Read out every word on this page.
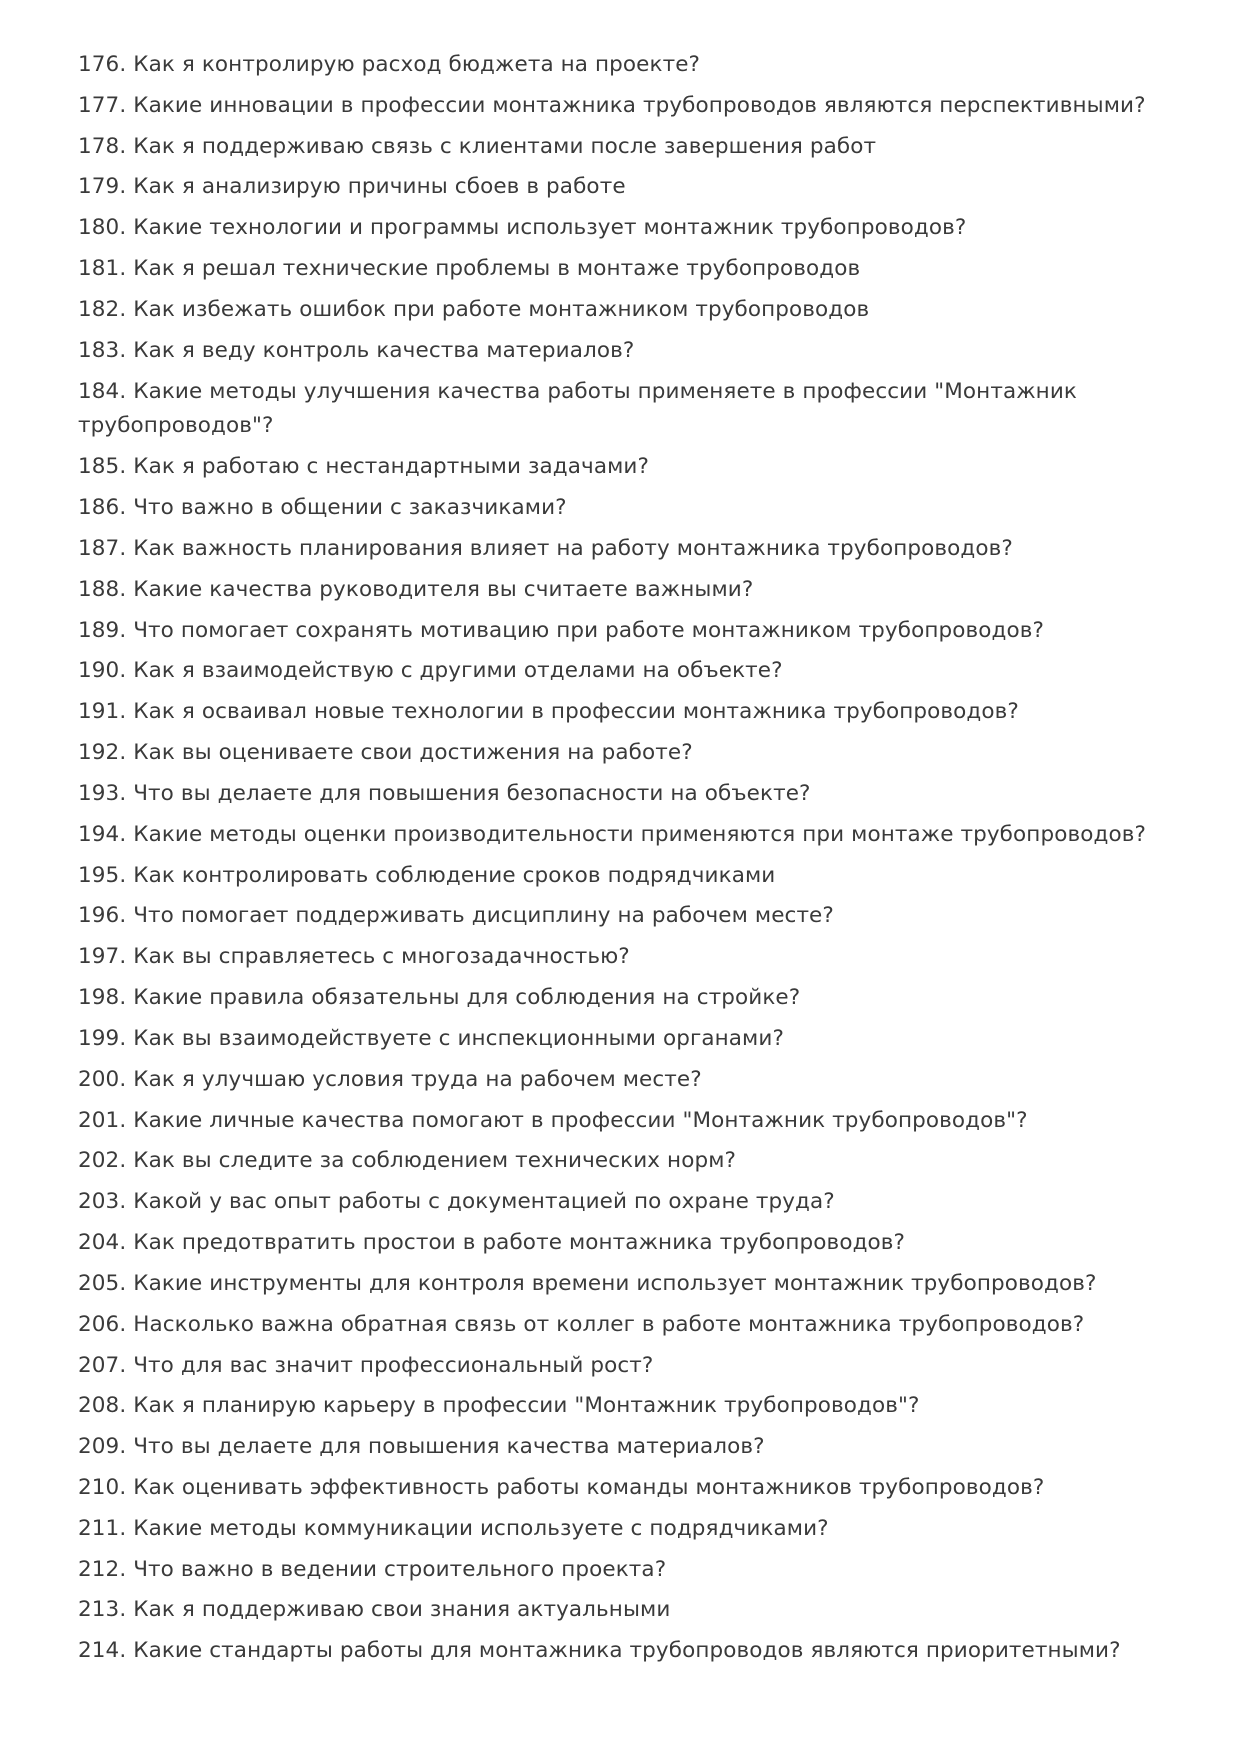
176. Как я контролирую расход бюджета на проекте?
177. Какие инновации в профессии монтажника трубопроводов являются перспективными?
178. Как я поддерживаю связь с клиентами после завершения работ
179. Как я анализирую причины сбоев в работе
180. Какие технологии и программы использует монтажник трубопроводов?
181. Как я решал технические проблемы в монтаже трубопроводов
182. Как избежать ошибок при работе монтажником трубопроводов
183. Как я веду контроль качества материалов?
184. Какие методы улучшения качества работы применяете в профессии "Монтажник трубопроводов"?
185. Как я работаю с нестандартными задачами?
186. Что важно в общении с заказчиками?
187. Как важность планирования влияет на работу монтажника трубопроводов?
188. Какие качества руководителя вы считаете важными?
189. Что помогает сохранять мотивацию при работе монтажником трубопроводов?
190. Как я взаимодействую с другими отделами на объекте?
191. Как я осваивал новые технологии в профессии монтажника трубопроводов?
192. Как вы оцениваете свои достижения на работе?
193. Что вы делаете для повышения безопасности на объекте?
194. Какие методы оценки производительности применяются при монтаже трубопроводов?
195. Как контролировать соблюдение сроков подрядчиками
196. Что помогает поддерживать дисциплину на рабочем месте?
197. Как вы справляетесь с многозадачностью?
198. Какие правила обязательны для соблюдения на стройке?
199. Как вы взаимодействуете с инспекционными органами?
200. Как я улучшаю условия труда на рабочем месте?
201. Какие личные качества помогают в профессии "Монтажник трубопроводов"?
202. Как вы следите за соблюдением технических норм?
203. Какой у вас опыт работы с документацией по охране труда?
204. Как предотвратить простои в работе монтажника трубопроводов?
205. Какие инструменты для контроля времени использует монтажник трубопроводов?
206. Насколько важна обратная связь от коллег в работе монтажника трубопроводов?
207. Что для вас значит профессиональный рост?
208. Как я планирую карьеру в профессии "Монтажник трубопроводов"?
209. Что вы делаете для повышения качества материалов?
210. Как оценивать эффективность работы команды монтажников трубопроводов?
211. Какие методы коммуникации используете с подрядчиками?
212. Что важно в ведении строительного проекта?
213. Как я поддерживаю свои знания актуальными
214. Какие стандарты работы для монтажника трубопроводов являются приоритетными?
